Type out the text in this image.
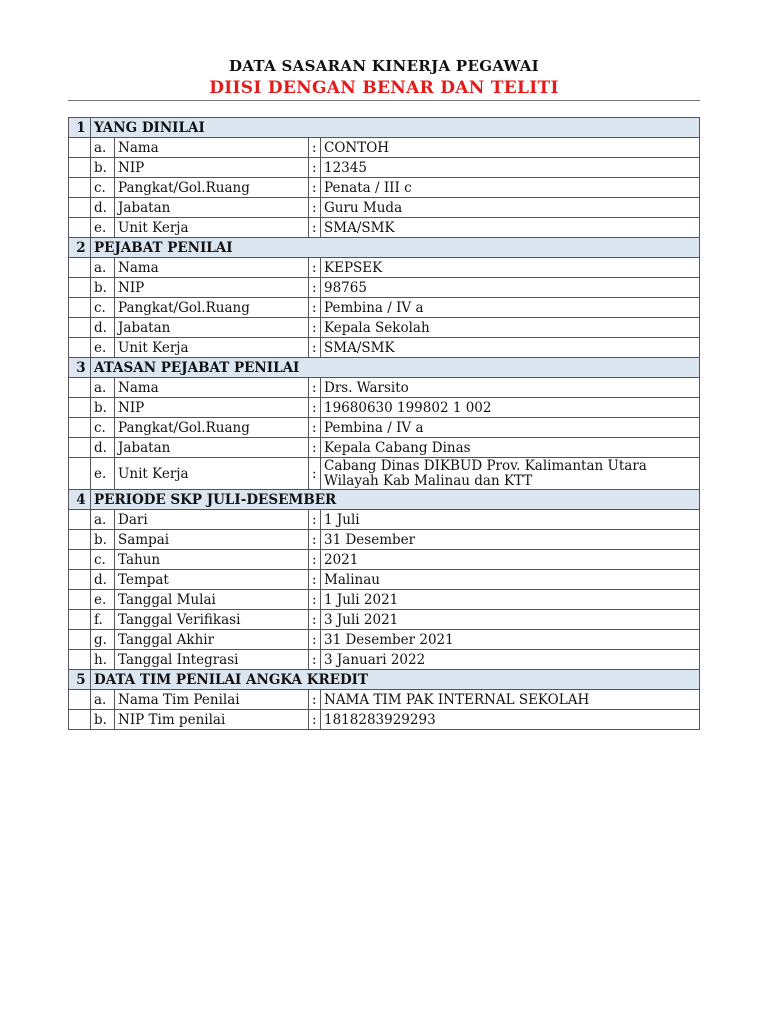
DATA SASARAN KINERJA PEGAWAI
DIISI DENGAN BENAR DAN TELITI
1	YANG DINILAI			
	a.	Nama	:	CONTOH
	b.	NIP	:	12345
	c.	Pangkat/Gol.Ruang	:	Penata / III c
	d.	Jabatan	:	Guru Muda
	e.	Unit Kerja	:	SMA/SMK
2	PEJABAT PENILAI			
	a.	Nama	:	KEPSEK
	b.	NIP	:	98765
	c.	Pangkat/Gol.Ruang	:	Pembina / IV a
	d.	Jabatan	:	Kepala Sekolah
	e.	Unit Kerja	:	SMA/SMK
3	ATASAN PEJABAT PENILAI			
	a.	Nama	:	Drs. Warsito
	b.	NIP	:	19680630 199802 1 002
	c.	Pangkat/Gol.Ruang	:	Pembina / IV a
	d.	Jabatan	:	Kepala Cabang Dinas
	e.	Unit Kerja	:	Cabang Dinas DIKBUD Prov. Kalimantan Utara
Wilayah Kab Malinau dan KTT

4	PERIODE SKP JULI-DESEMBER			
	a.	Dari	:	1 Juli
	b.	Sampai	:	31 Desember
	c.	Tahun	:	2021
	d.	Tempat	:	Malinau
	e.	Tanggal Mulai	:	1 Juli 2021
	f.	Tanggal Verifikasi	:	3 Juli 2021
	g.	Tanggal Akhir	:	31 Desember 2021
	h.	Tanggal Integrasi	:	3 Januari 2022
5	DATA TIM PENILAI ANGKA KREDIT			
	a.	Nama Tim Penilai	:	NAMA TIM PAK INTERNAL SEKOLAH
	b.	NIP Tim penilai	:	1818283929293
